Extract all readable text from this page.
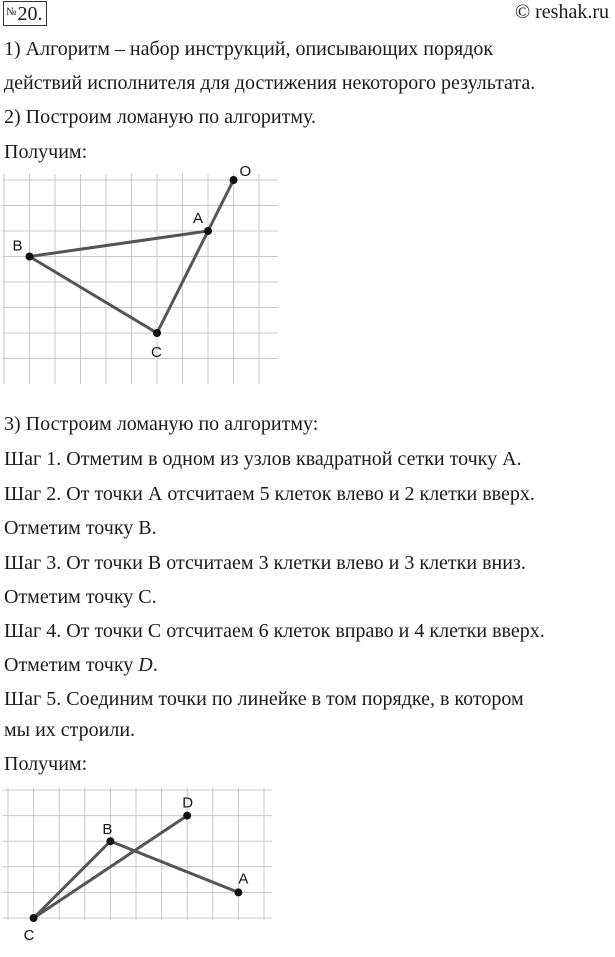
№20.	© reshak.ru
1) Алгоритм – набор инструкций, описывающих порядок
действий исполнителя для достижения некоторого результата.
2) Построим ломаную по алгоритму.
Получим:
O
A
B
C
3) Построим ломаную по алгоритму:
Шаг 1. Отметим в одном из узлов квадратной сетки точку А.
Шаг 2. От точки А отсчитаем 5 клеток влево и 2 клетки вверх.
Отметим точку В.
Шаг 3. От точки В отсчитаем 3 клетки влево и 3 клетки вниз.
Отметим точку С.
Шаг 4. От точки С отсчитаем 6 клеток вправо и 4 клетки вверх.
Отметим точку D.
Шаг 5. Соединим точки по линейке в том порядке, в котором
мы их строили.
Получим:
D
B
A
C
